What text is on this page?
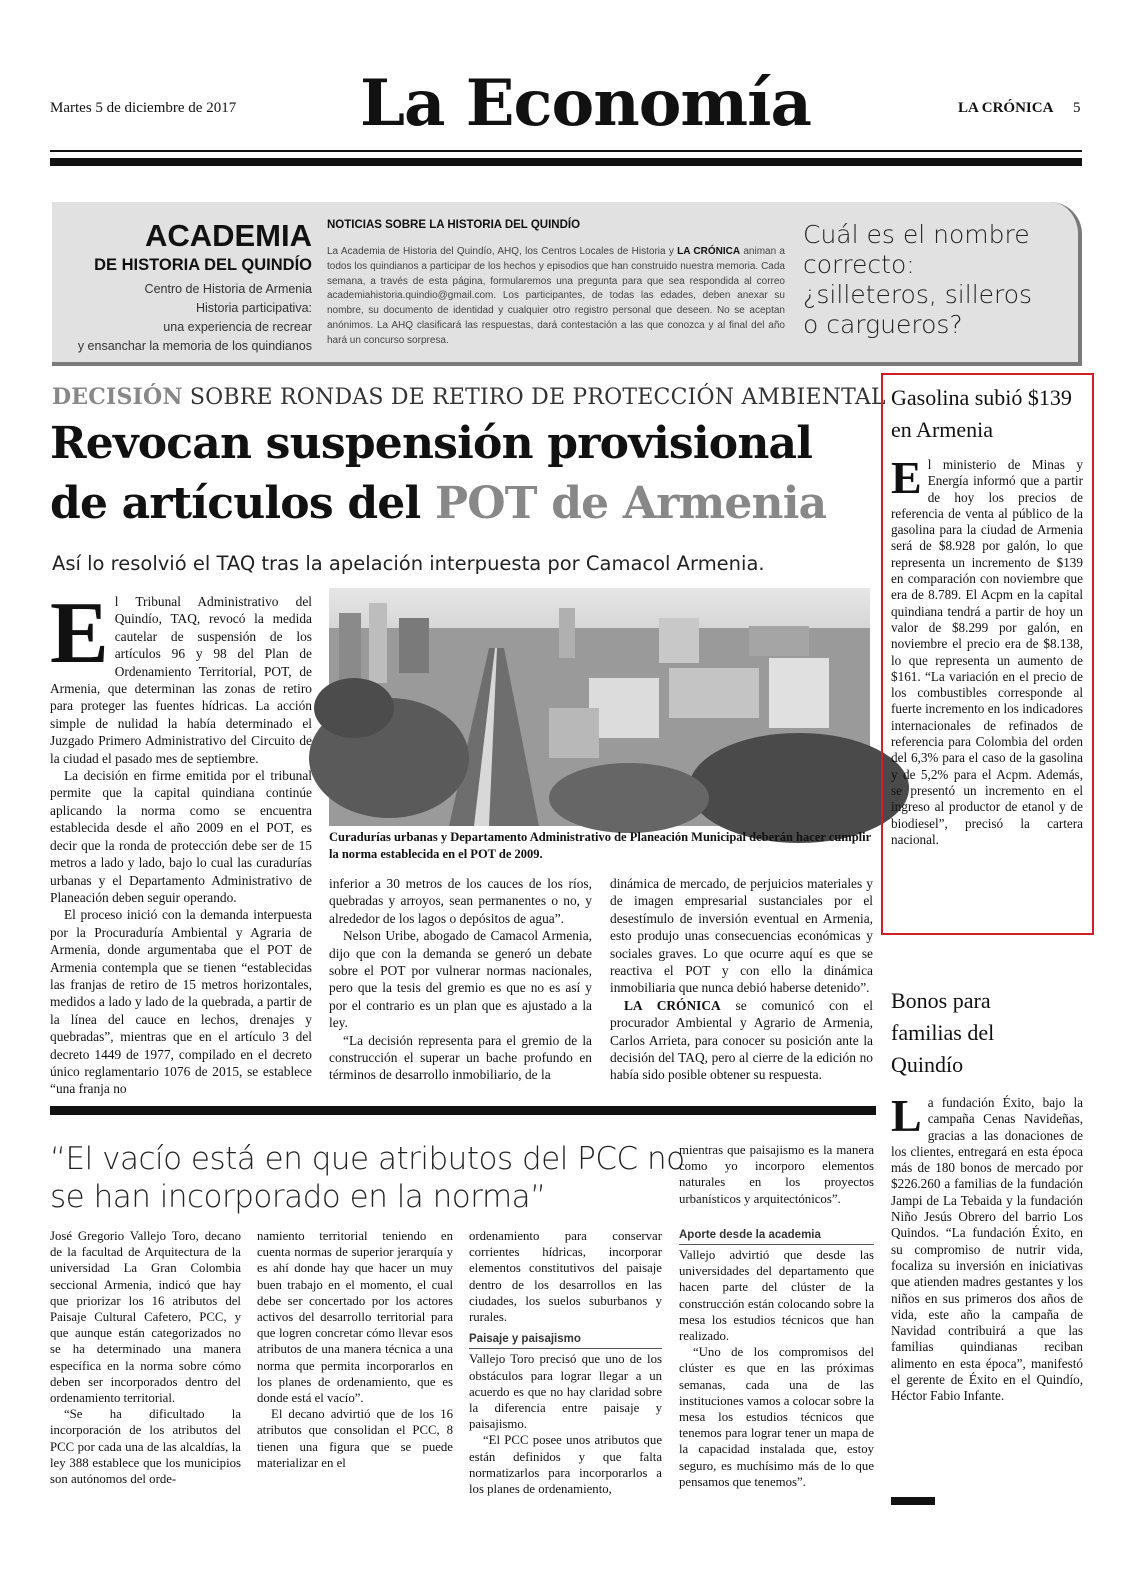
Martes 5 de diciembre de 2017 La Economía	LA CRÓNICA 5
ACADEMIA
DE HISTORIA DEL QUINDÍO
Centro de Historia de Armenia
Historia participativa:
una experiencia de recrear
y ensanchar la memoria de los quindianos
NOTICIAS SOBRE LA HISTORIA DEL QUINDÍO
La Academia de Historia del Quindío, AHQ, los Centros Locales de Historia y LA CRÓNICA animan a todos los quindianos a participar de los hechos y episodios que han construido nuestra memoria. Cada semana, a través de esta página, formularemos una pregunta para que sea respondida al correo academiahistoria.quindio@gmail.com. Los participantes, de todas las edades, deben anexar su nombre, su documento de identidad y cualquier otro registro personal que deseen. No se aceptan anónimos. La AHQ clasificará las respuestas, dará contestación a las que conozca y al final del año hará un concurso sorpresa.
Cuál es el nombre correcto: ¿silleteros, silleros o cargueros?
DECISIÓN SOBRE RONDAS DE RETIRO DE PROTECCIÓN AMBIENTAL
Revocan suspensión provisional
de artículos del POT de Armenia
Así lo resolvió el TAQ tras la apelación interpuesta por Camacol Armenia.

El Tribunal Administrativo del Quindío, TAQ, revocó la medida cautelar de suspensión de los artículos 96 y 98 del Plan de Ordenamiento Territorial, POT, de Armenia, que determinan las zonas de retiro para proteger las fuentes hídricas. La acción simple de nulidad la había determinado el Juzgado Primero Administrativo del Circuito de la ciudad el pasado mes de septiembre.

La decisión en firme emitida por el tribunal permite que la capital quindiana continúe aplicando la norma como se encuentra establecida desde el año 2009 en el POT, es decir que la ronda de protección debe ser de 15 metros a lado y lado, bajo lo cual las curadurías urbanas y el Departamento Administrativo de Planeación deben seguir operando.

El proceso inició con la demanda interpuesta por la Procuraduría Ambiental y Agraria de Armenia, donde argumentaba que el POT de Armenia contempla que se tienen “establecidas las franjas de retiro de 15 metros horizontales, medidos a lado y lado de la quebrada, a partir de la línea del cauce en lechos, drenajes y quebradas”, mientras que en el artículo 3 del decreto 1449 de 1977, compilado en el decreto único reglamentario 1076 de 2015, se establece “una franja no

Curadurías urbanas y Departamento Administrativo de Planeación Municipal deberán hacer cumplir la norma establecida en el POT de 2009.

inferior a 30 metros de los cauces de los ríos, quebradas y arroyos, sean permanentes o no, y alrededor de los lagos o depósitos de agua”.

Nelson Uribe, abogado de Camacol Armenia, dijo que con la demanda se generó un debate sobre el POT por vulnerar normas nacionales, pero que la tesis del gremio es que no es así y por el contrario es un plan que es ajustado a la ley.

“La decisión representa para el gremio de la construcción el superar un bache profundo en términos de desarrollo inmobiliario, de la

dinámica de mercado, de perjuicios materiales y de imagen empresarial sustanciales por el desestímulo de inversión eventual en Armenia, esto produjo unas consecuencias económicas y sociales graves. Lo que ocurre aquí es que se reactiva el POT y con ello la dinámica inmobiliaria que nunca debió haberse detenido”.

LA CRÓNICA se comunicó con el procurador Ambiental y Agrario de Armenia, Carlos Arrieta, para conocer su posición ante la decisión del TAQ, pero al cierre de la edición no había sido posible obtener su respuesta.

“El vacío está en que atributos del PCC no se han incorporado en la norma”

José Gregorio Vallejo Toro, decano de la facultad de Arquitectura de la universidad La Gran Colombia seccional Armenia, indicó que hay que priorizar los 16 atributos del Paisaje Cultural Cafetero, PCC, y que aunque están categorizados no se ha determinado una manera específica en la norma sobre cómo deben ser incorporados dentro del ordenamiento territorial.

“Se ha dificultado la incorporación de los atributos del PCC por cada una de las alcaldías, la ley 388 establece que los municipios son autónomos del orde-

namiento territorial teniendo en cuenta normas de superior jerarquía y es ahí donde hay que hacer un muy buen trabajo en el momento, el cual debe ser concertado por los actores activos del desarrollo territorial para que logren concretar cómo llevar esos atributos de una manera técnica a una norma que permita incorporarlos en los planes de ordenamiento, que es donde está el vacío”.

El decano advirtió que de los 16 atributos que consolidan el PCC, 8 tienen una figura que se puede materializar en el

ordenamiento para conservar corrientes hídricas, incorporar elementos constitutivos del paisaje dentro de los desarrollos en las ciudades, los suelos suburbanos y rurales.

Paisaje y paisajismo

Vallejo Toro precisó que uno de los obstáculos para lograr llegar a un acuerdo es que no hay claridad sobre la diferencia entre paisaje y paisajismo.

“El PCC posee unos atributos que están definidos y que falta normatizarlos para incorporarlos a los planes de ordenamiento,

mientras que paisajismo es la manera como yo incorporo elementos naturales en los proyectos urbanísticos y arquitectónicos”.

Aporte desde la academia

Vallejo advirtió que desde las universidades del departamento que hacen parte del clúster de la construcción están colocando sobre la mesa los estudios técnicos que han realizado.

“Uno de los compromisos del clúster es que en las próximas semanas, cada una de las instituciones vamos a colocar sobre la mesa los estudios técnicos que tenemos para lograr tener un mapa de la capacidad instalada que, estoy seguro, es muchísimo más de lo que pensamos que tenemos”.

Gasolina subió $139 en Armenia

El ministerio de Minas y Energía informó que a partir de hoy los precios de referencia de venta al público de la gasolina para la ciudad de Armenia será de $8.928 por galón, lo que representa un incremento de $139 en comparación con noviembre que era de 8.789. El Acpm en la capital quindiana tendrá a partir de hoy un valor de $8.299 por galón, en noviembre el precio era de $8.138, lo que representa un aumento de $161. “La variación en el precio de los combustibles corresponde al fuerte incremento en los indicadores internacionales de refinados de referencia para Colombia del orden del 6,3% para el caso de la gasolina y de 5,2% para el Acpm. Además, se presentó un incremento en el ingreso al productor de etanol y de biodiesel”, precisó la cartera nacional.

Bonos para familias del Quindío

La fundación Éxito, bajo la campaña Cenas Navideñas, gracias a las donaciones de los clientes, entregará en esta época más de 180 bonos de mercado por $226.260 a familias de la fundación Jampi de La Tebaida y la fundación Niño Jesús Obrero del barrio Los Quindos. “La fundación Éxito, en su compromiso de nutrir vida, focaliza su inversión en iniciativas que atienden madres gestantes y los niños en sus primeros dos años de vida, este año la campaña de Navidad contribuirá a que las familias quindianas reciban alimento en esta época”, manifestó el gerente de Éxito en el Quindío, Héctor Fabio Infante.
